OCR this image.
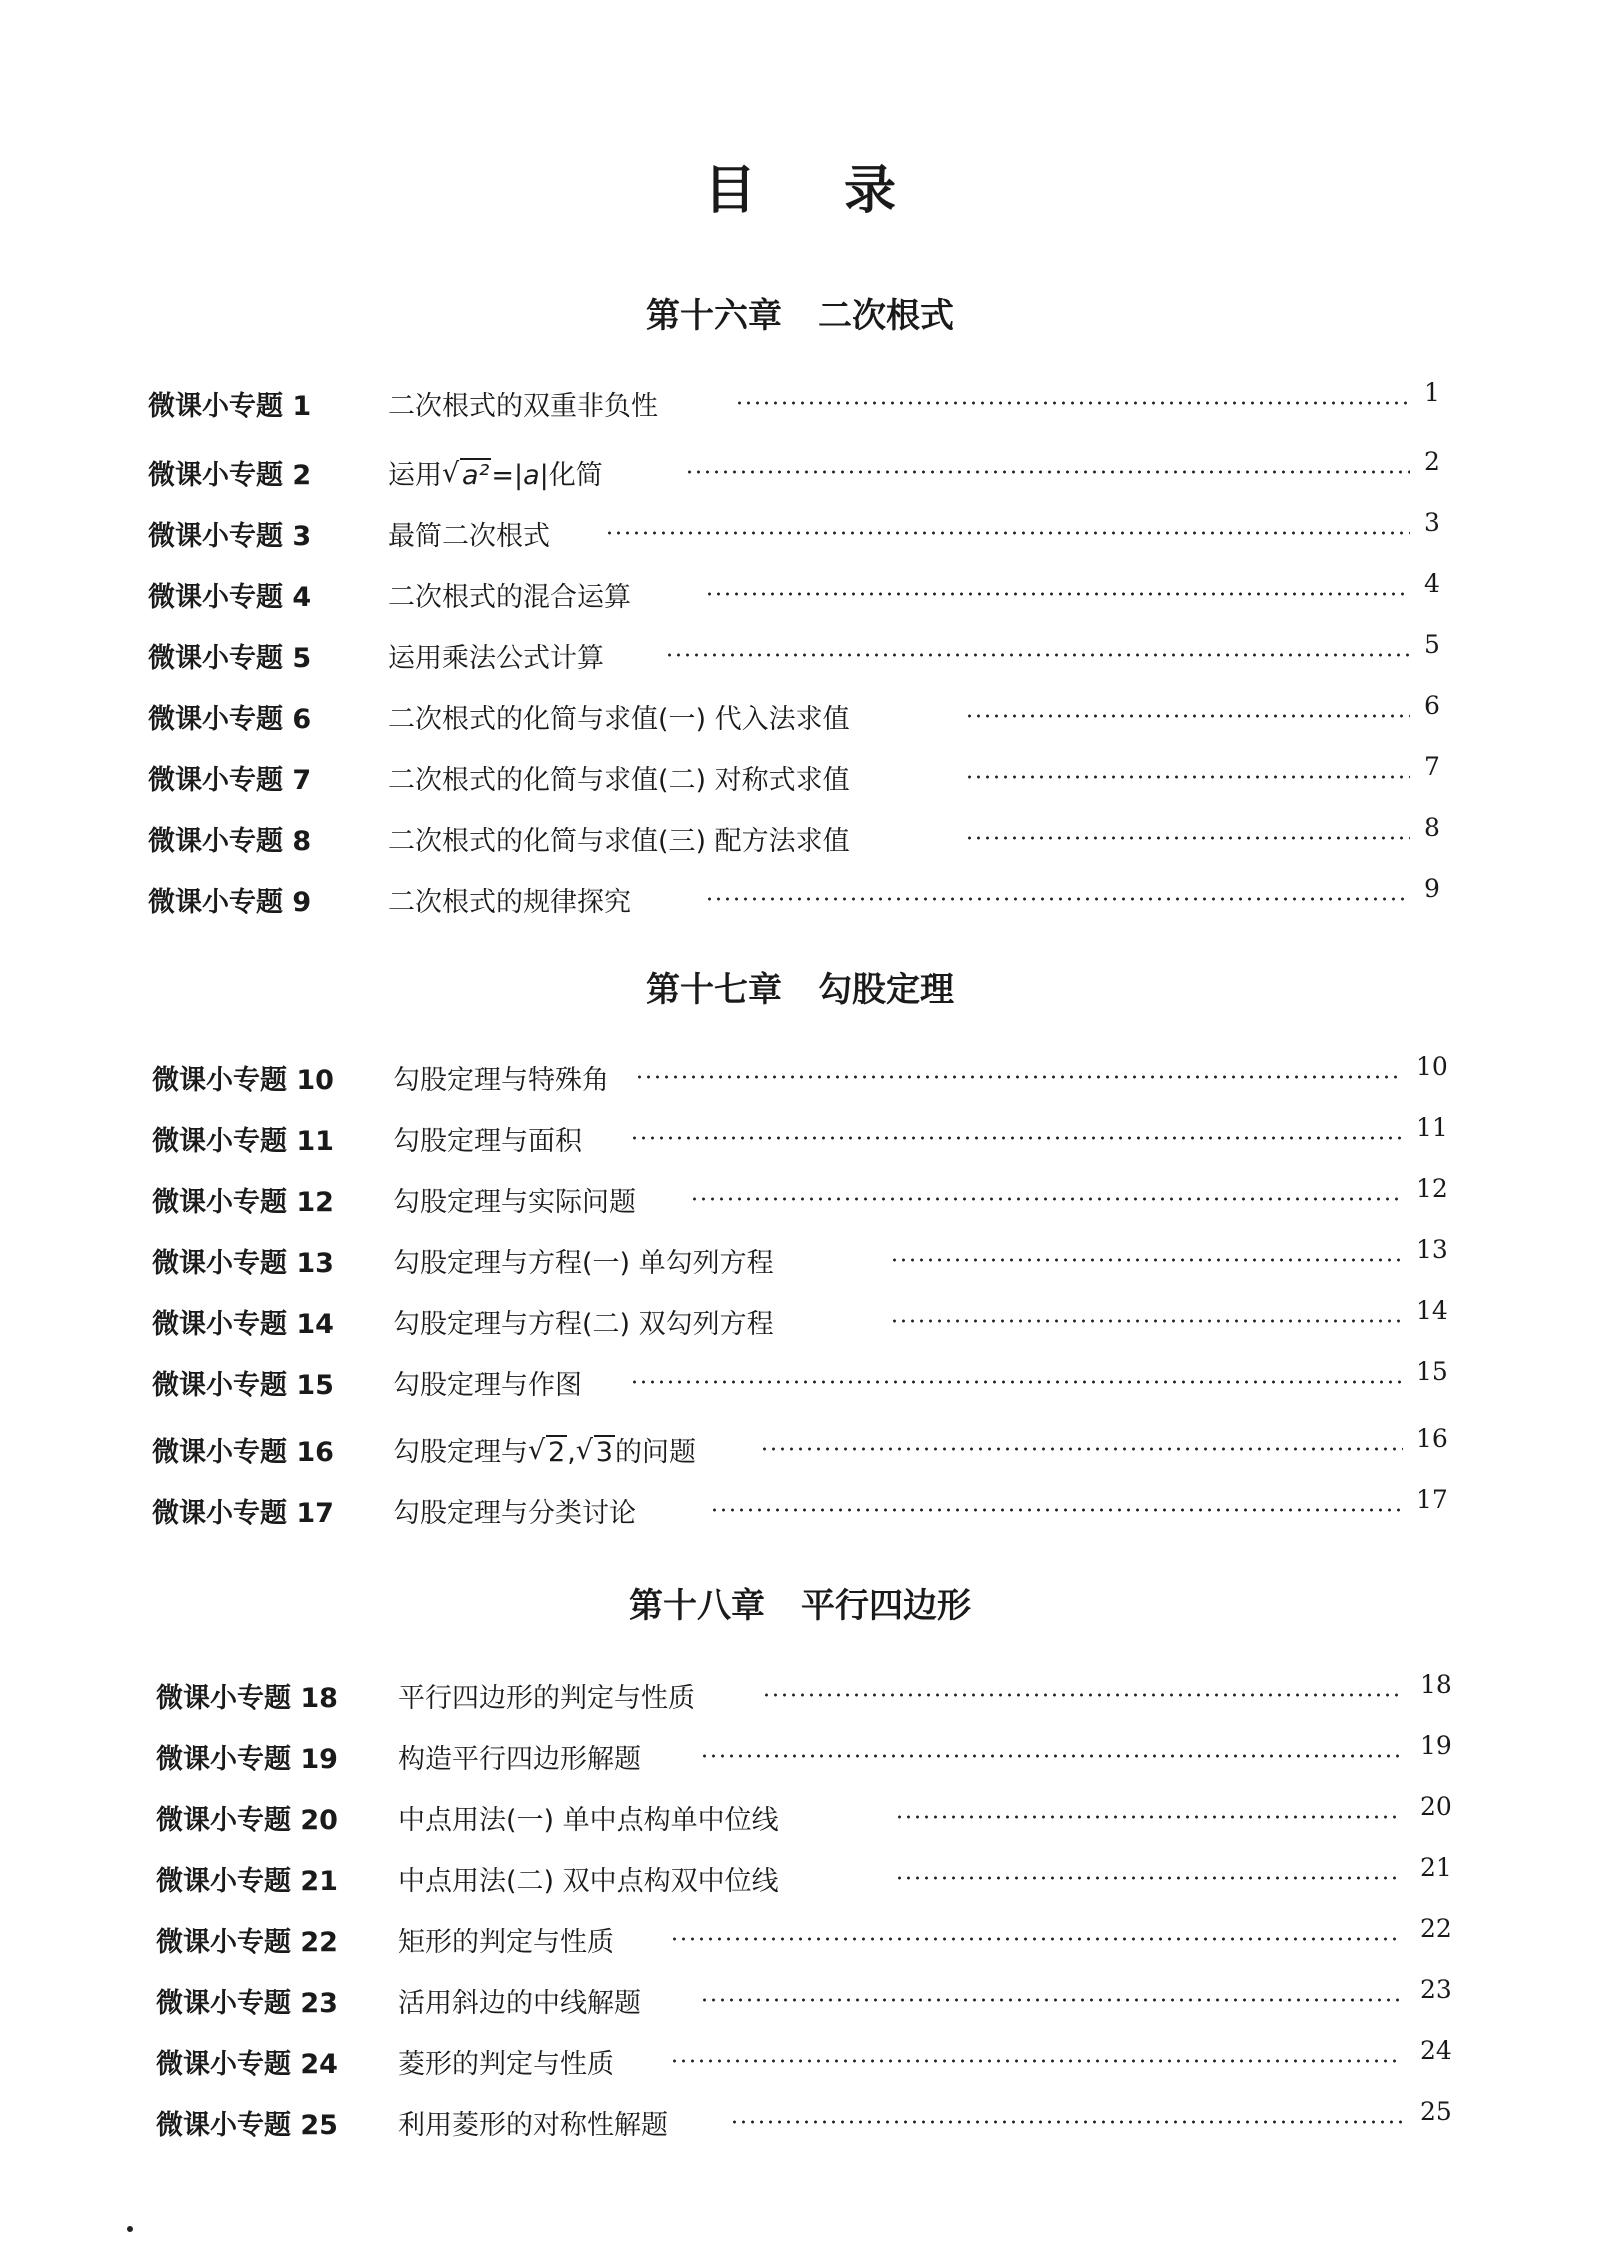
目录
第十六章 二次根式
微课小专题 1	二次根式的双重非负性	1
微课小专题 2	运用 √ a²=|a|化简	2
微课小专题 3	最简二次根式	3
微课小专题 4	二次根式的混合运算	4
微课小专题 5	运用乘法公式计算	5
微课小专题 6	二次根式的化简与求值(一) 代入法求值	6
微课小专题 7	二次根式的化简与求值(二) 对称式求值	7
微课小专题 8	二次根式的化简与求值(三) 配方法求值	8
微课小专题 9	二次根式的规律探究	9
第十七章 勾股定理
微课小专题 10 勾股定理与特殊角	10
微课小专题 11 勾股定理与面积	11
微课小专题 12 勾股定理与实际问题	12
微课小专题 13 勾股定理与方程(一) 单勾列方程	13
微课小专题 14 勾股定理与方程(二) 双勾列方程	14
微课小专题 15 勾股定理与作图	15
微课小专题 16 勾股定理与 √ 2, √ 3的问题	16
微课小专题 17 勾股定理与分类讨论	17
第十八章 平行四边形
微课小专题 18 平行四边形的判定与性质	18
微课小专题 19 构造平行四边形解题	19
微课小专题 20 中点用法(一) 单中点构单中位线	20
微课小专题 21 中点用法(二) 双中点构双中位线	21
微课小专题 22 矩形的判定与性质	22
微课小专题 23 活用斜边的中线解题	23
微课小专题 24 菱形的判定与性质	24
微课小专题 25 利用菱形的对称性解题	25
